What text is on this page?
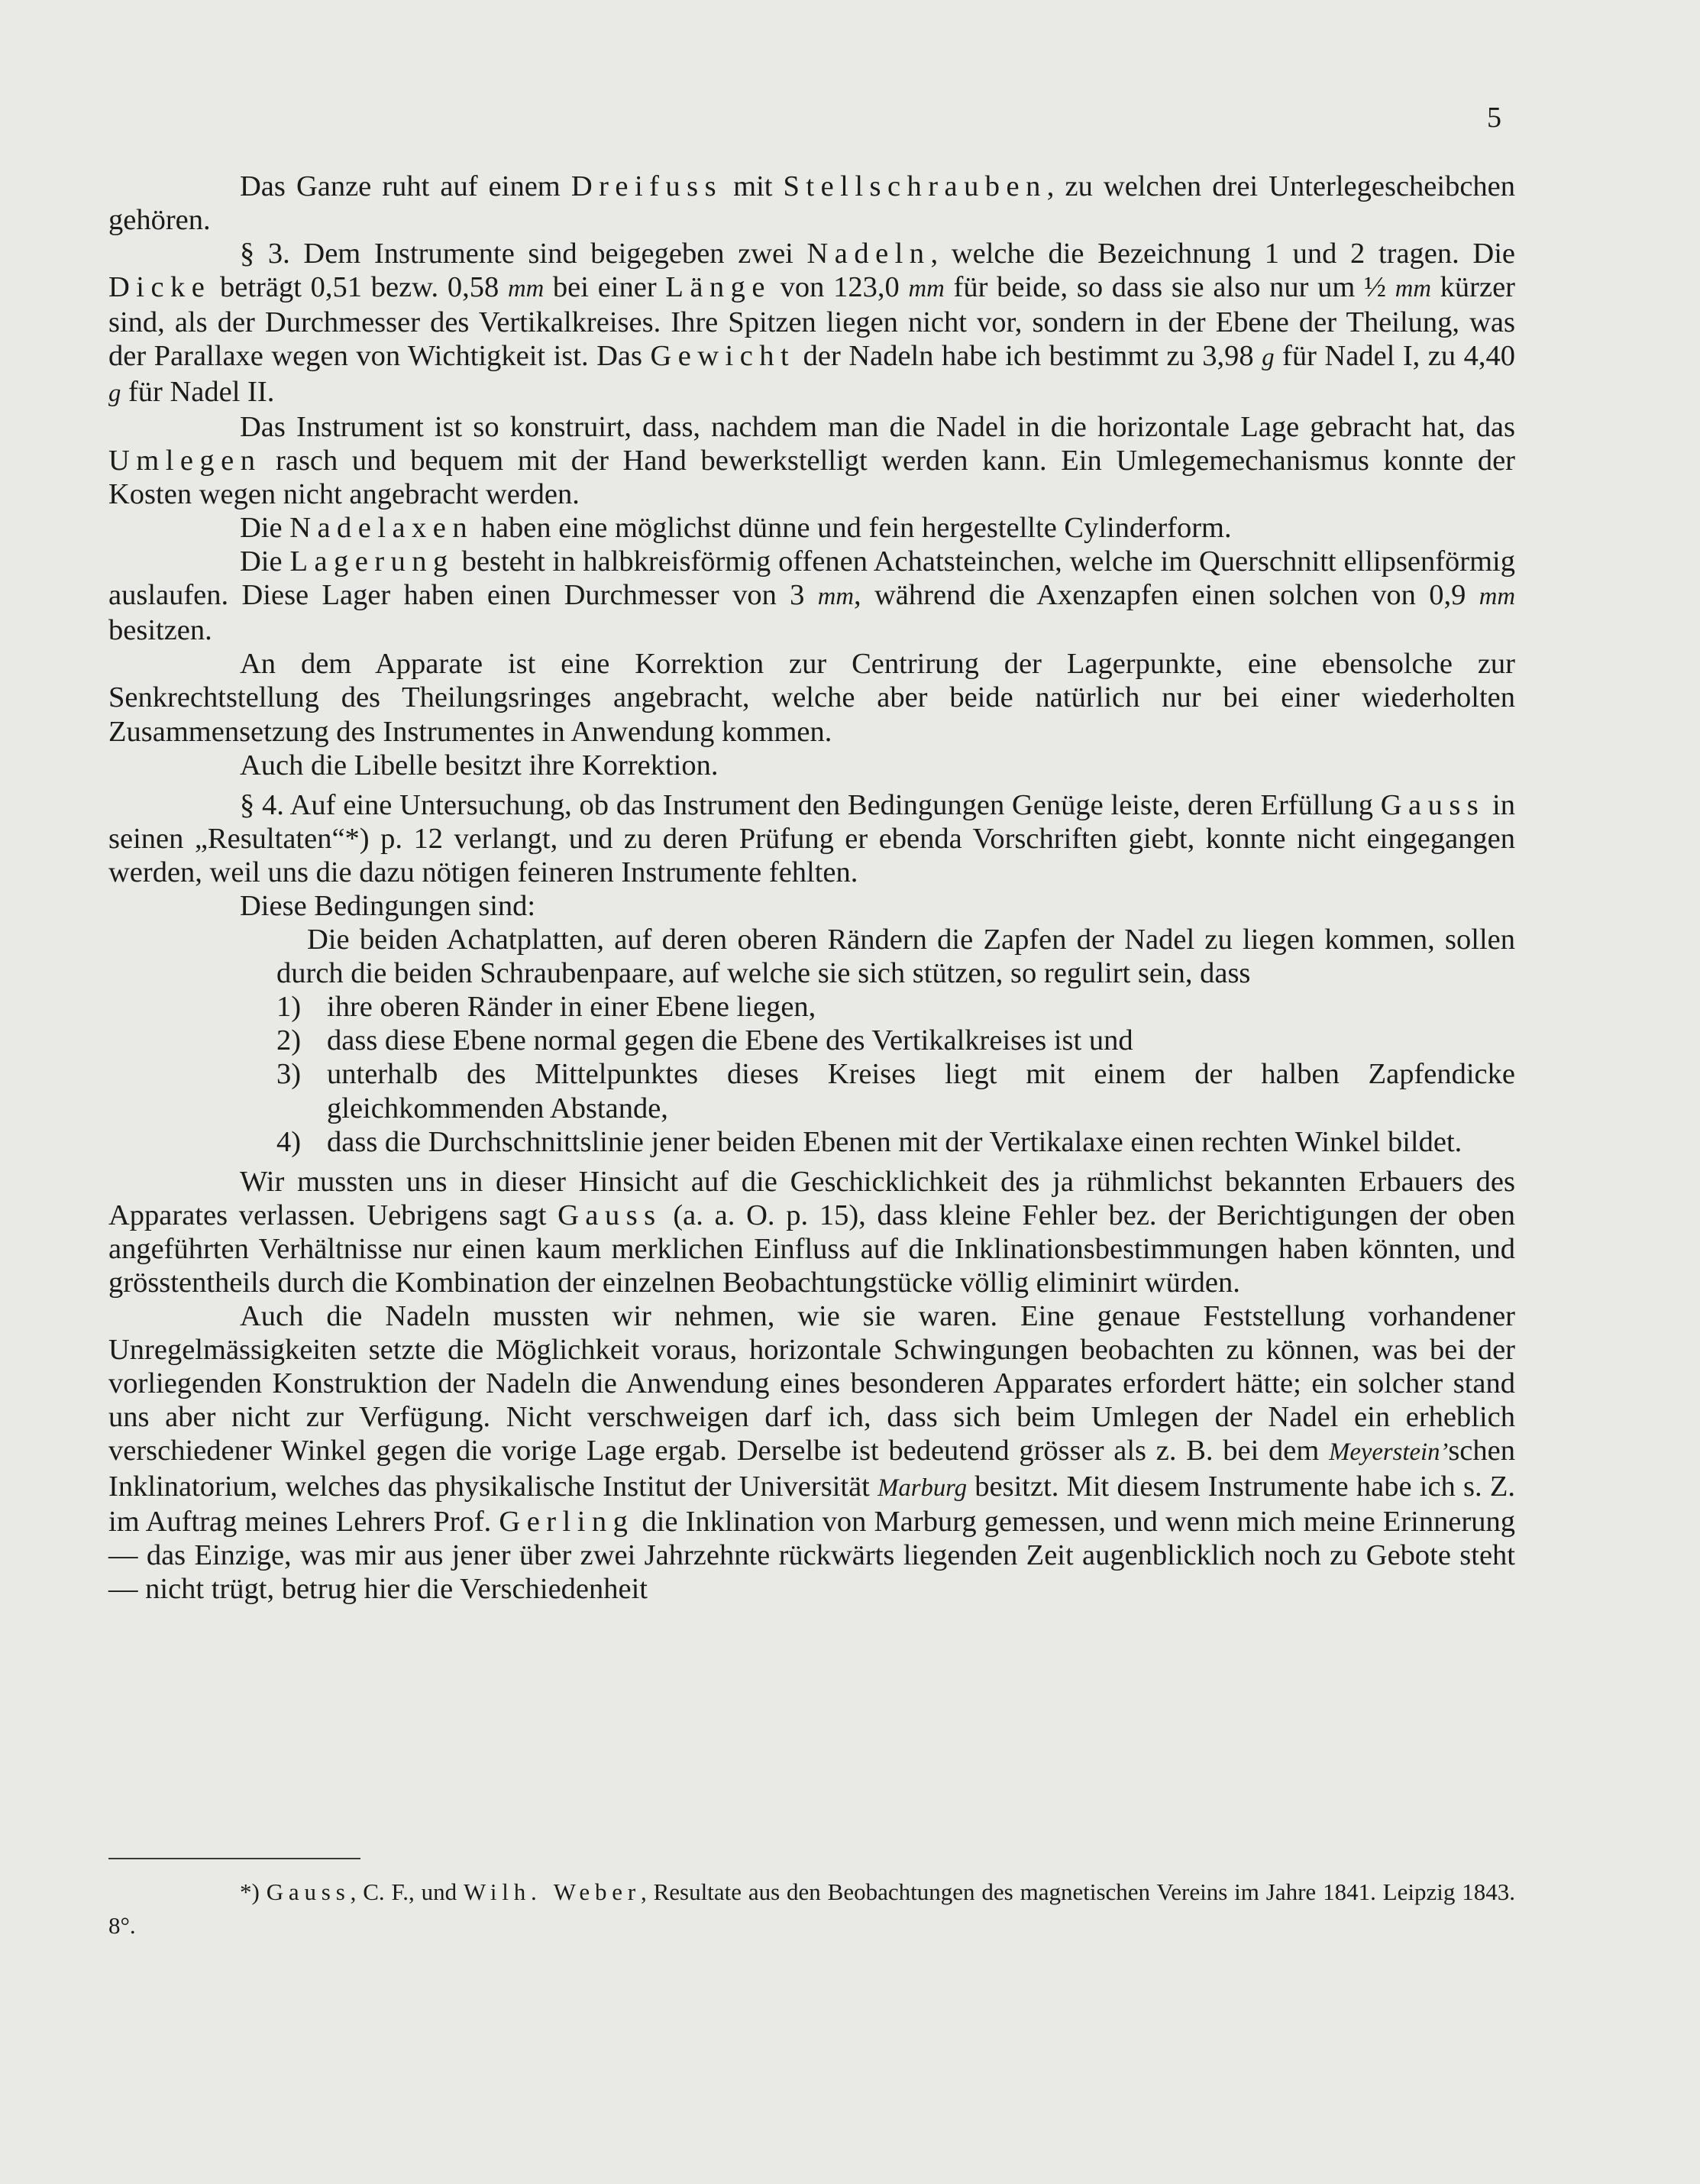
5

Das Ganze ruht auf einem Dreifuss mit Stellschrauben, zu welchen drei Unterlegescheibchen gehören.

§ 3. Dem Instrumente sind beigegeben zwei Nadeln, welche die Bezeichnung 1 und 2 tragen. Die Dicke beträgt 0,51 bezw. 0,58 mm bei einer Länge von 123,0 mm für beide, so dass sie also nur um ½ mm kürzer sind, als der Durchmesser des Vertikalkreises. Ihre Spitzen liegen nicht vor, sondern in der Ebene der Theilung, was der Parallaxe wegen von Wichtigkeit ist. Das Gewicht der Nadeln habe ich bestimmt zu 3,98 g für Nadel I, zu 4,40 g für Nadel II.

Das Instrument ist so konstruirt, dass, nachdem man die Nadel in die horizontale Lage gebracht hat, das Umlegen rasch und bequem mit der Hand bewerkstelligt werden kann. Ein Umlegemechanismus konnte der Kosten wegen nicht angebracht werden.

Die Nadelaxen haben eine möglichst dünne und fein hergestellte Cylinderform.

Die Lagerung besteht in halbkreisförmig offenen Achatsteinchen, welche im Querschnitt ellipsenförmig auslaufen. Diese Lager haben einen Durchmesser von 3 mm, während die Axenzapfen einen solchen von 0,9 mm besitzen.

An dem Apparate ist eine Korrektion zur Centrirung der Lagerpunkte, eine ebensolche zur Senkrechtstellung des Theilungsringes angebracht, welche aber beide natürlich nur bei einer wiederholten Zusammensetzung des Instrumentes in Anwendung kommen.

Auch die Libelle besitzt ihre Korrektion.

§ 4. Auf eine Untersuchung, ob das Instrument den Bedingungen Genüge leiste, deren Erfüllung Gauss in seinen „Resultaten“*) p. 12 verlangt, und zu deren Prüfung er ebenda Vorschriften giebt, konnte nicht eingegangen werden, weil uns die dazu nötigen feineren Instrumente fehlten.

Diese Bedingungen sind:

Die beiden Achatplatten, auf deren oberen Rändern die Zapfen der Nadel zu liegen kommen, sollen durch die beiden Schraubenpaare, auf welche sie sich stützen, so regulirt sein, dass

1) ihre oberen Ränder in einer Ebene liegen,
2) dass diese Ebene normal gegen die Ebene des Vertikalkreises ist und
3) unterhalb des Mittelpunktes dieses Kreises liegt mit einem der halben Zapfendicke gleichkommenden Abstande,
4) dass die Durchschnittslinie jener beiden Ebenen mit der Vertikalaxe einen rechten Winkel bildet.

Wir mussten uns in dieser Hinsicht auf die Geschicklichkeit des ja rühmlichst bekannten Erbauers des Apparates verlassen. Uebrigens sagt Gauss (a. a. O. p. 15), dass kleine Fehler bez. der Berichtigungen der oben angeführten Verhältnisse nur einen kaum merklichen Einfluss auf die Inklinationsbestimmungen haben könnten, und grösstentheils durch die Kombination der einzelnen Beobachtungstücke völlig eliminirt würden.

Auch die Nadeln mussten wir nehmen, wie sie waren. Eine genaue Feststellung vorhandener Unregelmässigkeiten setzte die Möglichkeit voraus, horizontale Schwingungen beobachten zu können, was bei der vorliegenden Konstruktion der Nadeln die Anwendung eines besonderen Apparates erfordert hätte; ein solcher stand uns aber nicht zur Verfügung. Nicht verschweigen darf ich, dass sich beim Umlegen der Nadel ein erheblich verschiedener Winkel gegen die vorige Lage ergab. Derselbe ist bedeutend grösser als z. B. bei dem Meyerstein’schen Inklinatorium, welches das physikalische Institut der Universität Marburg besitzt. Mit diesem Instrumente habe ich s. Z. im Auftrag meines Lehrers Prof. Gerling die Inklination von Marburg gemessen, und wenn mich meine Erinnerung — das Einzige, was mir aus jener über zwei Jahrzehnte rückwärts liegenden Zeit augenblicklich noch zu Gebote steht — nicht trügt, betrug hier die Verschiedenheit

*) Gauss, C. F., und Wilh. Weber, Resultate aus den Beobachtungen des magnetischen Vereins im Jahre 1841. Leipzig 1843. 8°.
